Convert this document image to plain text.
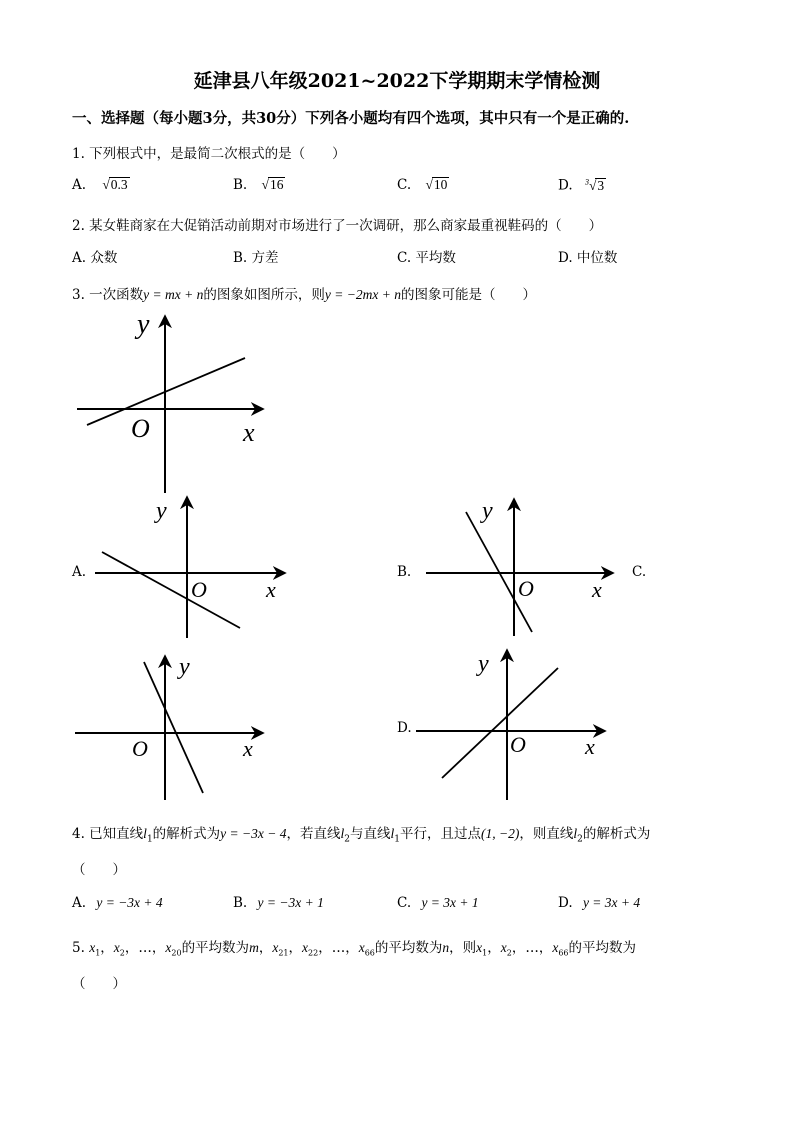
延津县八年级2021~2022下学期期末学情检测
一、选择题（每小题3分，共30分）下列各小题均有四个选项，其中只有一个是正确的.
1. 下列根式中，是最简二次根式的是（　　）
A. √0.3	B. √16	C. √10	D. $^3$√3
2. 某女鞋商家在大促销活动前期对市场进行了一次调研，那么商家最重视鞋码的（　　）
A. 众数	B. 方差	C. 平均数	D. 中位数
3. 一次函数y = mx + n的图象如图所示，则y = −2mx + n的图象可能是（　　）
O	x
y
O	x
y
O	x
y
O	x
y
O	x
y
A.	B.	C.
D.
4. 已知直线$l_1$的解析式为y = −3x − 4，若直线$l_2$与直线$l_1$平行，且过点(1, −2)，则直线$l_2$的解析式为
（　　）
A. y = −3x + 4	B. y = −3x + 1	C. y = 3x + 1	D. y = 3x + 4
5. $x_1$，$x_2$，…，$x_{20}$的平均数为m，$x_{21}$，$x_{22}$，…，$x_{66}$的平均数为n，则$x_1$，$x_2$，…，$x_{66}$的平均数为
（　　）
